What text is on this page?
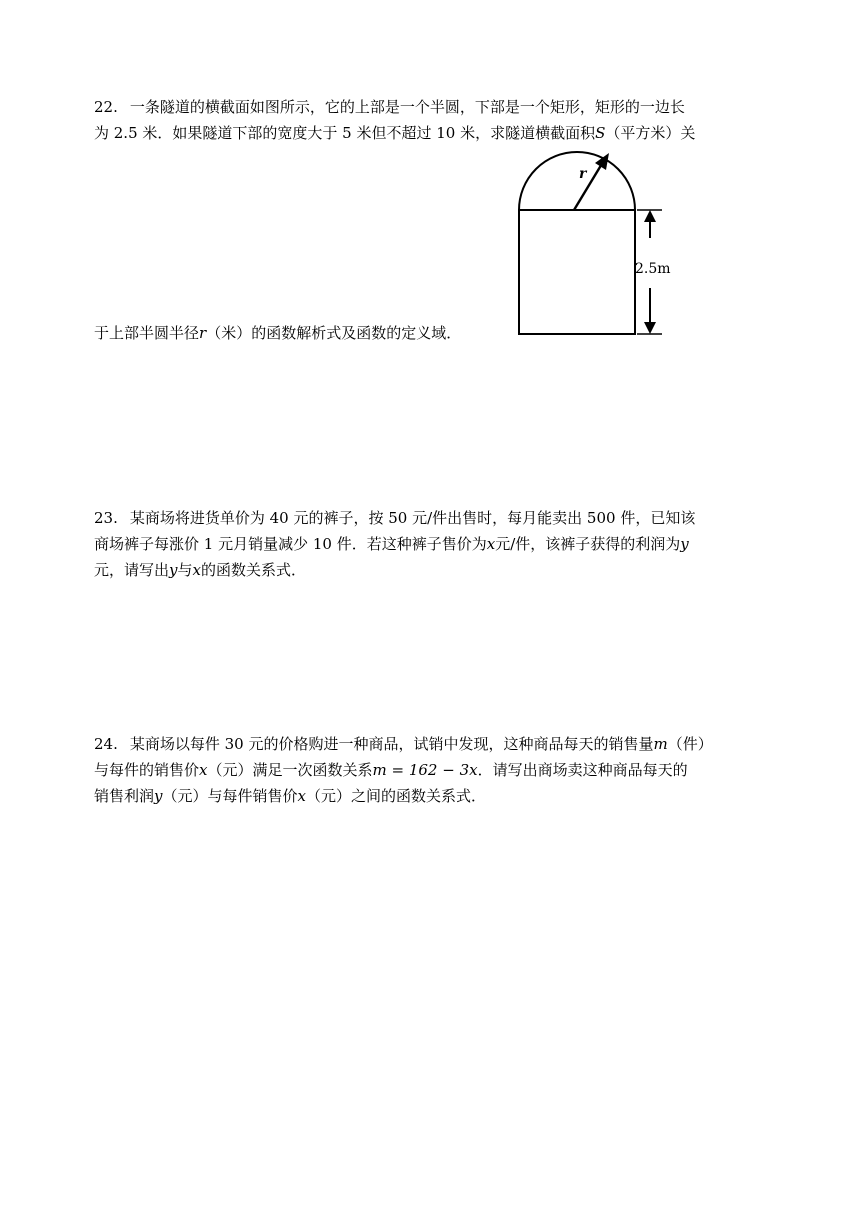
22. 一条隧道的横截面如图所示，它的上部是一个半圆，下部是一个矩形，矩形的一边长
为 2.5 米．如果隧道下部的宽度大于 5 米但不超过 10 米，求隧道横截面积S（平方米）关
于上部半圆半径r（米）的函数解析式及函数的定义域．
r
2.5m
23. 某商场将进货单价为 40 元的裤子，按 50 元/件出售时，每月能卖出 500 件，已知该
商场裤子每涨价 1 元月销量减少 10 件．若这种裤子售价为x元/件，该裤子获得的利润为y
元，请写出y与x的函数关系式．
24. 某商场以每件 30 元的价格购进一种商品，试销中发现，这种商品每天的销售量m（件）
与每件的销售价x（元）满足一次函数关系m = 162 − 3x．请写出商场卖这种商品每天的
销售利润y（元）与每件销售价x（元）之间的函数关系式．
